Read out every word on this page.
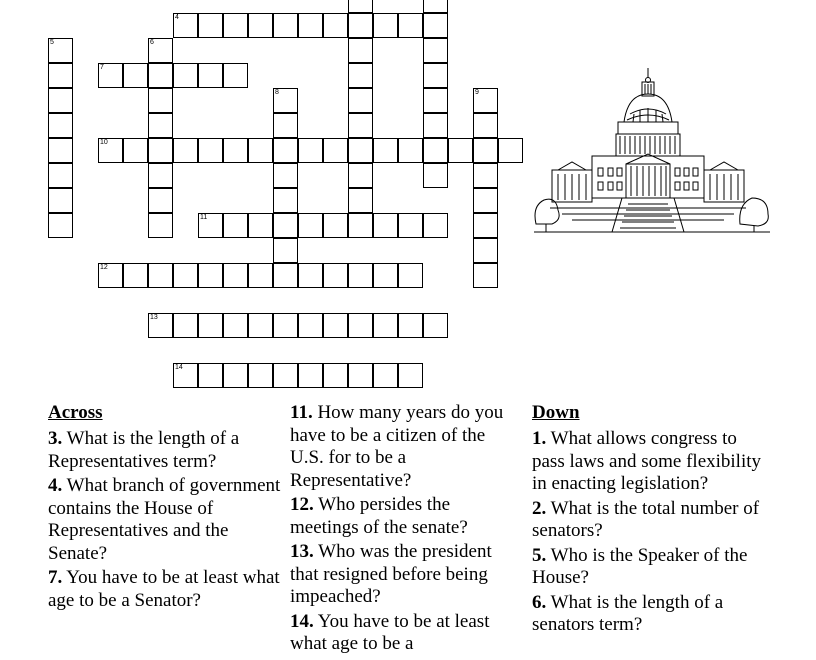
4
5	6
7
8	9
10
11
12
13
14
Across
3. What is the length of a Representatives term?
4. What branch of government contains the House of Representatives and the Senate?
7. You have to be at least what age to be a Senator?
11. How many years do you have to be a citizen of the U.S. for to be a Representative?
12. Who persides the meetings of the senate?
13. Who was the president that resigned before being impeached?
14. You have to be at least what age to be a
Down
1. What allows congress to pass laws and some flexibility in enacting legislation?
2. What is the total number of senators?
5. Who is the Speaker of the House?
6. What is the length of a senators term?
